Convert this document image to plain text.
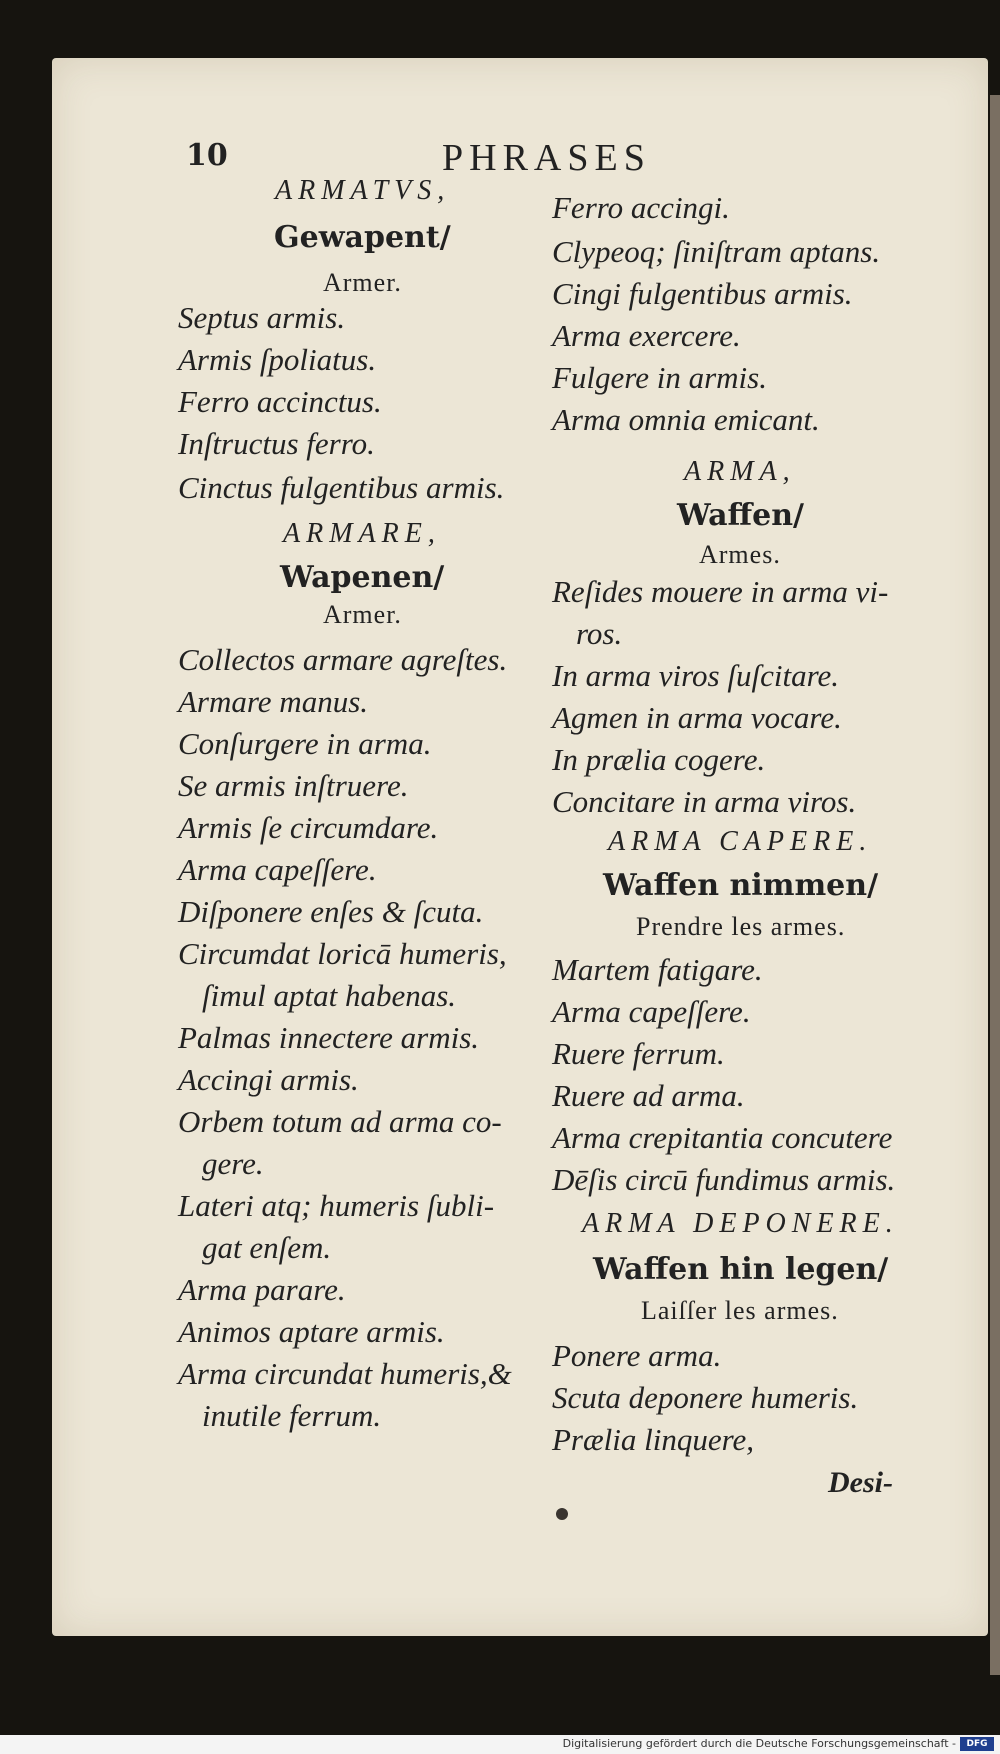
10	PHRASES
ARMATVS,
Gewapent/
Armer.
Septus armis.
Armis ſpoliatus.
Ferro accinctus.
Inſtructus ferro.
Cinctus fulgentibus armis.
ARMARE,
Wapenen/
Armer.
Collectos armare agreſtes.
Armare manus.
Conſurgere in arma.
Se armis inſtruere.
Armis ſe circumdare.
Arma capeſſere.
Diſponere enſes & ſcuta.
Circumdat loricā humeris,
ſimul aptat habenas.
Palmas innectere armis.
Accingi armis.
Orbem totum ad arma co-
gere.
Lateri atq; humeris ſubli-
gat enſem.
Arma parare.
Animos aptare armis.
Arma circundat humeris,&
inutile ferrum.
Ferro accingi.
Clypeoq; ſiniſtram aptans.
Cingi fulgentibus armis.
Arma exercere.
Fulgere in armis.
Arma omnia emicant.
ARMA,
Waffen/
Armes.
Reſides mouere in arma vi-
ros.
In arma viros ſuſcitare.
Agmen in arma vocare.
In prælia cogere.
Concitare in arma viros.
ARMA CAPERE.
Waffen nimmen/
Prendre les armes.
Martem fatigare.
Arma capeſſere.
Ruere ferrum.
Ruere ad arma.
Arma crepitantia concutere
Dēſis circū fundimus armis.
ARMA DEPONERE.
Waffen hin legen/
Laiſſer les armes.
Ponere arma.
Scuta deponere humeris.
Prælia linquere,
Desi-
Digitalisierung gefördert durch die Deutsche Forschungsgemeinschaft -	DFG
